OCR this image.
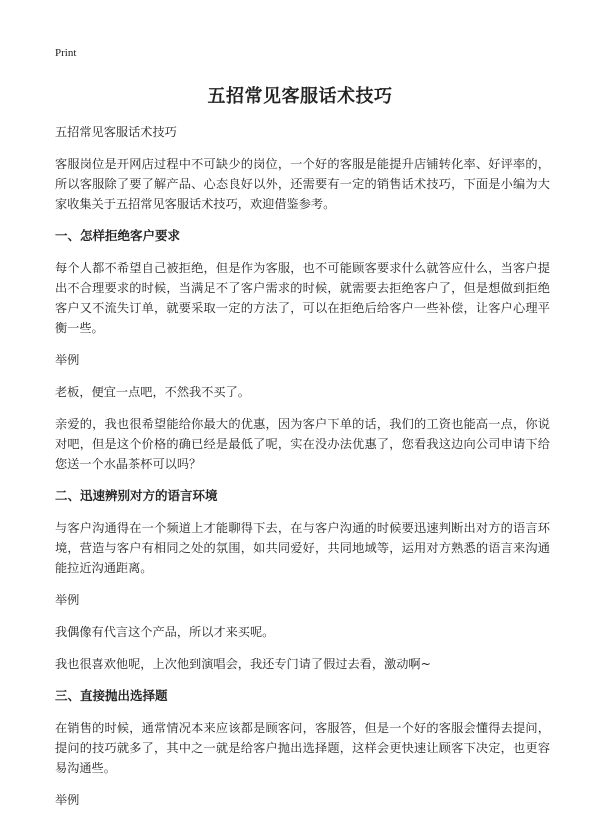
Print
五招常见客服话术技巧
五招常见客服话术技巧
客服岗位是开网店过程中不可缺少的岗位，一个好的客服是能提升店铺转化率、好评率的，所以客服除了要了解产品、心态良好以外，还需要有一定的销售话术技巧，下面是小编为大家收集关于五招常见客服话术技巧，欢迎借鉴参考。
一、怎样拒绝客户要求
每个人都不希望自己被拒绝，但是作为客服，也不可能顾客要求什么就答应什么，当客户提出不合理要求的时候，当满足不了客户需求的时候，就需要去拒绝客户了，但是想做到拒绝客户又不流失订单，就要采取一定的方法了，可以在拒绝后给客户一些补偿，让客户心理平衡一些。
举例
老板，便宜一点吧，不然我不买了。
亲爱的，我也很希望能给你最大的优惠，因为客户下单的话，我们的工资也能高一点，你说对吧，但是这个价格的确已经是最低了呢，实在没办法优惠了，您看我这边向公司申请下给您送一个水晶茶杯可以吗？
二、迅速辨别对方的语言环境
与客户沟通得在一个频道上才能聊得下去，在与客户沟通的时候要迅速判断出对方的语言环境，营造与客户有相同之处的氛围，如共同爱好，共同地域等，运用对方熟悉的语言来沟通能拉近沟通距离。
举例
我偶像有代言这个产品，所以才来买呢。
我也很喜欢他呢，上次他到演唱会，我还专门请了假过去看，激动啊~
三、直接抛出选择题
在销售的时候，通常情况本来应该都是顾客问，客服答，但是一个好的客服会懂得去提问，提问的技巧就多了，其中之一就是给客户抛出选择题，这样会更快速让顾客下决定，也更容易沟通些。
举例
